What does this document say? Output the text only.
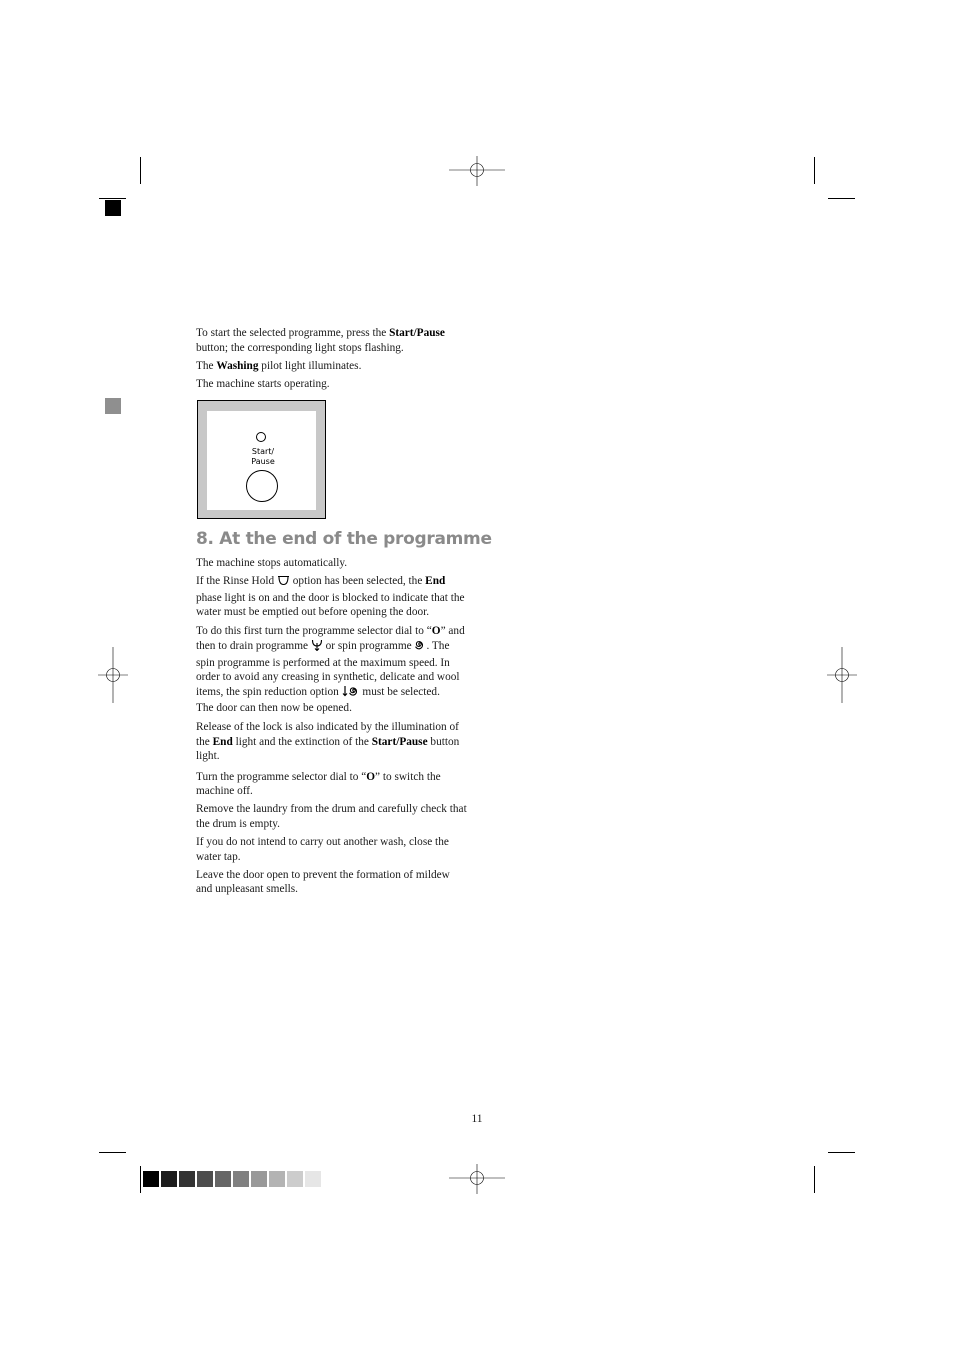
To start the selected programme, press the Start/Pause button; the corresponding light stops flashing.

The Washing pilot light illuminates.

The machine starts operating.

Start/
Pause
8. At the end of the programme

The machine stops automatically.

If the Rinse Hold  option has been selected, the End phase light is on and the door is blocked to indicate that the water must be emptied out before opening the door.

To do this first turn the programme selector dial to “O” and then to drain programme  or spin programme . The spin programme is performed at the maximum speed. In order to avoid any creasing in synthetic, delicate and wool items, the spin reduction option  must be selected.
The door can then now be opened.

Release of the lock is also indicated by the illumination of the End light and the extinction of the Start/Pause button light.

Turn the programme selector dial to “O” to switch the machine off.

Remove the laundry from the drum and carefully check that the drum is empty.

If you do not intend to carry out another wash, close the water tap.

Leave the door open to prevent the formation of mildew and unpleasant smells.

11
